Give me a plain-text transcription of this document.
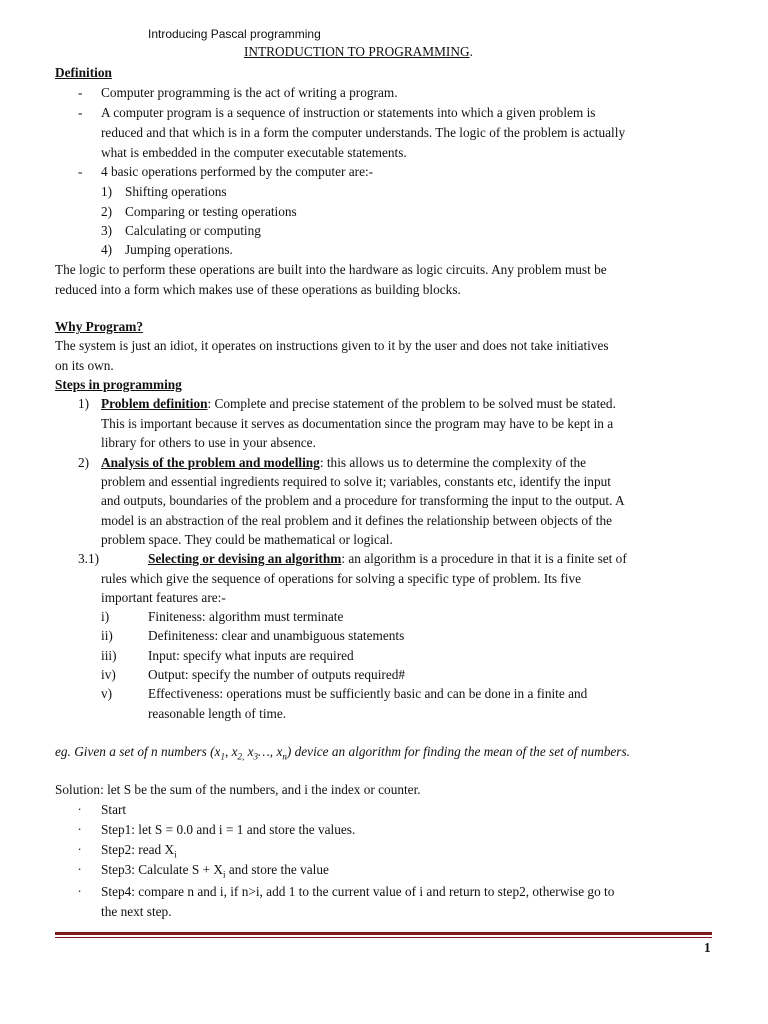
Introducing Pascal programming
INTRODUCTION TO PROGRAMMING.
Definition
- Computer programming is the act of writing a program.
- A computer program is a sequence of instruction or statements into which a given problem is
reduced and that which is in a form the computer understands. The logic of the problem is actually
what is embedded in the computer executable statements.
- 4 basic operations performed by the computer are:-
1) Shifting operations
2) Comparing or testing operations
3) Calculating or computing
4) Jumping operations.
The logic to perform these operations are built into the hardware as logic circuits. Any problem must be
reduced into a form which makes use of these operations as building blocks.
Why Program?
The system is just an idiot, it operates on instructions given to it by the user and does not take initiatives
on its own.
Steps in programming
1) Problem definition: Complete and precise statement of the problem to be solved must be stated.
This is important because it serves as documentation since the program may have to be kept in a
library for others to use in your absence.
2) Analysis of the problem and modelling: this allows us to determine the complexity of the
problem and essential ingredients required to solve it; variables, constants etc, identify the input
and outputs, boundaries of the problem and a procedure for transforming the input to the output. A
model is an abstraction of the real problem and it defines the relationship between objects of the
problem space. They could be mathematical or logical.
3.1)	Selecting or devising an algorithm: an algorithm is a procedure in that it is a finite set of
rules which give the sequence of operations for solving a specific type of problem. Its five
important features are:-
i)	Finiteness: algorithm must terminate
ii)	Definiteness: clear and unambiguous statements
iii) Input: specify what inputs are required
iv) Output: specify the number of outputs required#
v)	Effectiveness: operations must be sufficiently basic and can be done in a finite and
reasonable length of time.
eg. Given a set of n numbers ($x_1$, $x_{2,}$ $x_3\dots$, $x_n$) device an algorithm for finding the mean of the set of numbers.
Solution: let S be the sum of the numbers, and i the index or counter.
. Start
. Step1: let S = 0.0 and i = 1 and store the values.
. Step2: read $X_i$
. Step3: Calculate $S + X_i$ and store the value
. Step4: compare n and i, if n>i, add 1 to the current value of i and return to step2, otherwise go to
the next step.
1
